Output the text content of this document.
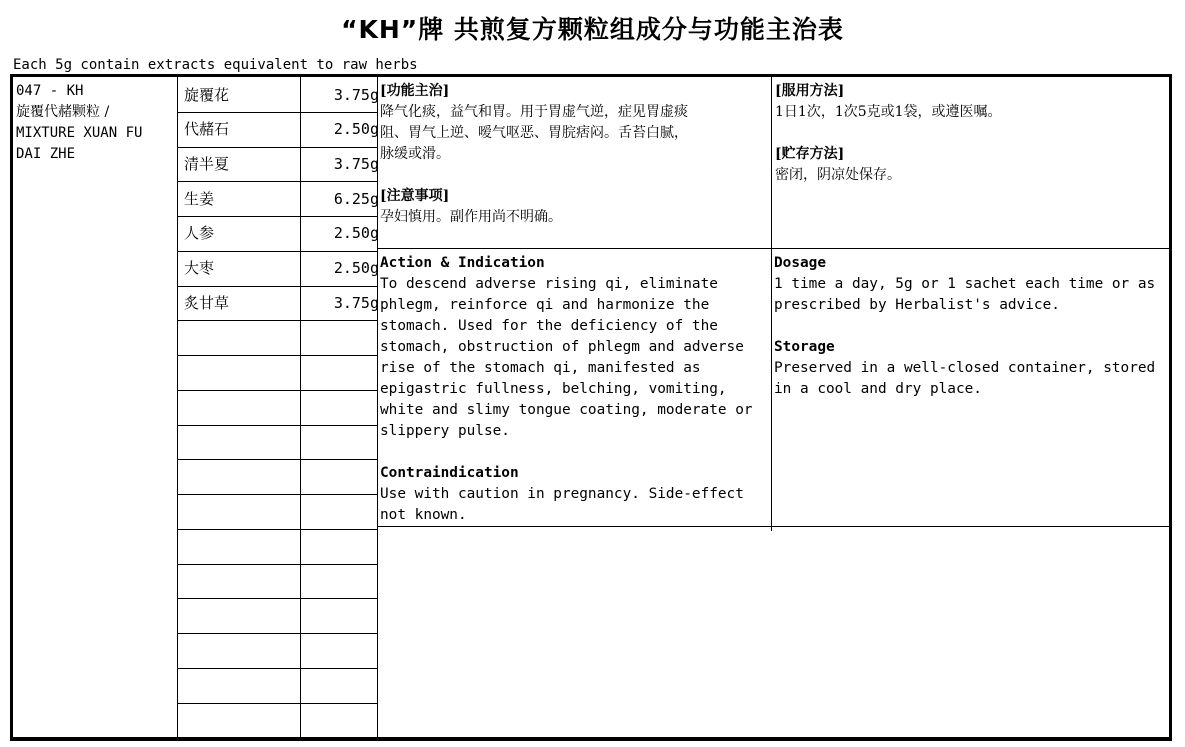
“KH”牌 共煎复方颗粒组成分与功能主治表
Each 5g contain extracts equivalent to raw herbs
047 - KH
旋覆代赭颗粒 /
MIXTURE XUAN FU
DAI ZHE
旋覆花	3.75g
代赭石	2.50g
清半夏	3.75g
生姜	6.25g
人参	2.50g
大枣	2.50g
炙甘草	3.75g
[功能主治]
降气化痰，益气和胃。用于胃虚气逆，症见胃虚痰
阻、胃气上逆、嗳气呕恶、胃脘痞闷。舌苔白腻，
脉缓或滑。
[注意事项]
孕妇慎用。副作用尚不明确。
[服用方法]
1日1次，1次5克或1袋，或遵医嘱。
[贮存方法]
密闭，阴凉处保存。
Action & Indication
To descend adverse rising qi, eliminate
phlegm, reinforce qi and harmonize the
stomach. Used for the deficiency of the
stomach, obstruction of phlegm and adverse
rise of the stomach qi, manifested as
epigastric fullness, belching, vomiting,
white and slimy tongue coating, moderate or
slippery pulse.
Contraindication
Use with caution in pregnancy. Side-effect
not known.
Dosage
1 time a day, 5g or 1 sachet each time or as
prescribed by Herbalist's advice.
Storage
Preserved in a well-closed container, stored
in a cool and dry place.
